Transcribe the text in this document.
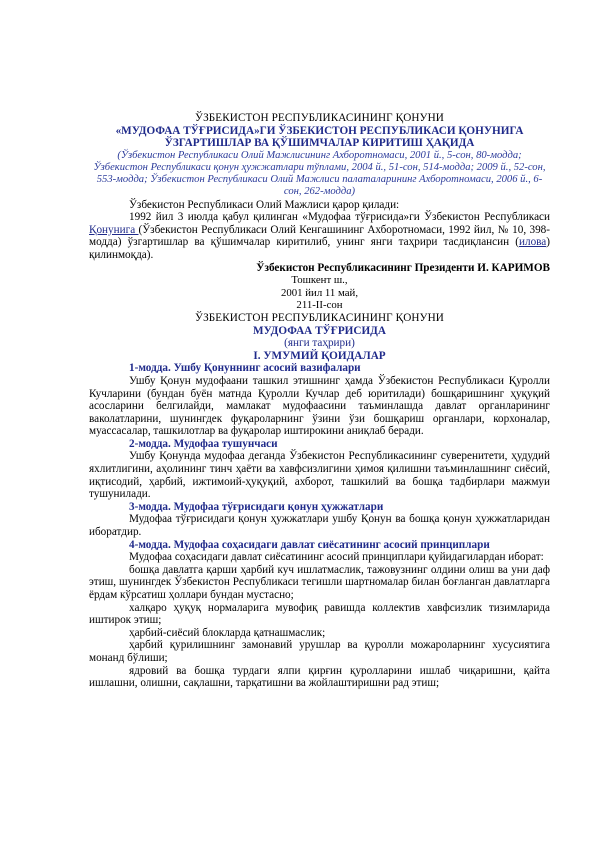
ЎЗБЕКИСТОН РЕСПУБЛИКАСИНИНГ ҚОНУНИ
«МУДОФАА ТЎҒРИСИДА»ГИ ЎЗБЕКИСТОН РЕСПУБЛИКАСИ ҚОНУНИГА
ЎЗГАРТИШЛАР ВА ҚЎШИМЧАЛАР КИРИТИШ ҲАҚИДА
(Ўзбекистон Республикаси Олий Мажлисининг Ахборотномаси, 2001 й., 5-сон, 80-модда; Ўзбекистон Республикаси қонун ҳужжатлари тўплами, 2004 й., 51-сон, 514-модда; 2009 й., 52-сон, 553-модда; Ўзбекистон Республикаси Олий Мажлиси палаталарининг Ахборотномаси, 2006 й., 6-сон, 262-модда)

Ўзбекистон Республикаси Олий Мажлиси қарор қилади:

1992 йил 3 июлда қабул қилинган «Мудофаа тўғрисида»ги Ўзбекистон Республикаси Қонунига (Ўзбекистон Республикаси Олий Кенгашининг Ахборотномаси, 1992 йил, № 10, 398-модда) ўзгартишлар ва қўшимчалар киритилиб, унинг янги таҳрири тасдиқлансин (илова) қилинмоқда).

Ўзбекистон Республикасининг Президенти И. КАРИМОВ
Тошкент ш.,
2001 йил 11 май,
211-II-сон
ЎЗБЕКИСТОН РЕСПУБЛИКАСИНИНГ ҚОНУНИ
МУДОФАА ТЎҒРИСИДА
(янги таҳрири)
I. УМУМИЙ ҚОИДАЛАР

1-модда. Ушбу Қонуннинг асосий вазифалари

Ушбу Қонун мудофаани ташкил этишнинг ҳамда Ўзбекистон Республикаси Қуролли Кучларини (бундан буён матнда Қуролли Кучлар деб юритилади) бошқаришнинг ҳуқуқий асосларини белгилайди, мамлакат мудофаасини таъминлашда давлат органларининг ваколатларини, шунингдек фуқароларнинг ўзини ўзи бошқариш органлари, корхоналар, муассасалар, ташкилотлар ва фуқаролар иштирокини аниқлаб беради.

2-модда. Мудофаа тушунчаси

Ушбу Қонунда мудофаа деганда Ўзбекистон Республикасининг суверенитети, ҳудудий яхлитлигини, аҳолининг тинч ҳаёти ва хавфсизлигини ҳимоя қилишни таъминлашнинг сиёсий, иқтисодий, ҳарбий, ижтимоий-ҳуқуқий, ахборот, ташкилий ва бошқа тадбирлари мажмуи тушунилади.

3-модда. Мудофаа тўғрисидаги қонун ҳужжатлари

Мудофаа тўғрисидаги қонун ҳужжатлари ушбу Қонун ва бошқа қонун ҳужжатларидан иборатдир.

4-модда. Мудофаа соҳасидаги давлат сиёсатининг асосий принциплари

Мудофаа соҳасидаги давлат сиёсатининг асосий принциплари қуйидагилардан иборат:

бошқа давлатга қарши ҳарбий куч ишлатмаслик, тажовузнинг олдини олиш ва уни даф этиш, шунингдек Ўзбекистон Республикаси тегишли шартномалар билан боғланган давлатларга ёрдам кўрсатиш ҳоллари бундан мустасно;

халқаро ҳуқуқ нормаларига мувофиқ равишда коллектив хавфсизлик тизимларида иштирок этиш;

ҳарбий-сиёсий блокларда қатнашмаслик;

ҳарбий қурилишнинг замонавий урушлар ва қуролли можароларнинг хусусиятига монанд бўлиши;

ядровий ва бошқа турдаги ялпи қирғин қуролларини ишлаб чиқаришни, қайта ишлашни, олишни, сақлашни, тарқатишни ва жойлаштиришни рад этиш;
